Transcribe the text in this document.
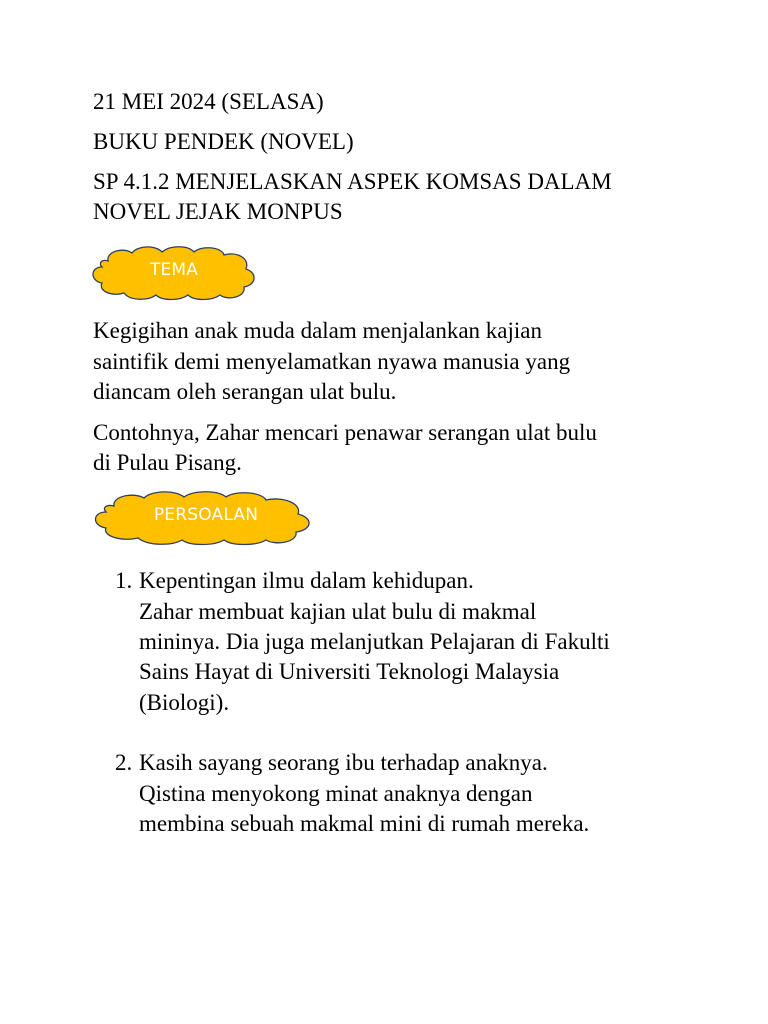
21 MEI 2024 (SELASA)
BUKU PENDEK (NOVEL)
SP 4.1.2 MENJELASKAN ASPEK KOMSAS DALAM
NOVEL JEJAK MONPUS
TEMA
Kegigihan anak muda dalam menjalankan kajian
saintifik demi menyelamatkan nyawa manusia yang
diancam oleh serangan ulat bulu.
Contohnya, Zahar mencari penawar serangan ulat bulu
di Pulau Pisang.
PERSOALAN
1. Kepentingan ilmu dalam kehidupan.
Zahar membuat kajian ulat bulu di makmal
mininya. Dia juga melanjutkan Pelajaran di Fakulti
Sains Hayat di Universiti Teknologi Malaysia
(Biologi).
2. Kasih sayang seorang ibu terhadap anaknya.
Qistina menyokong minat anaknya dengan
membina sebuah makmal mini di rumah mereka.
